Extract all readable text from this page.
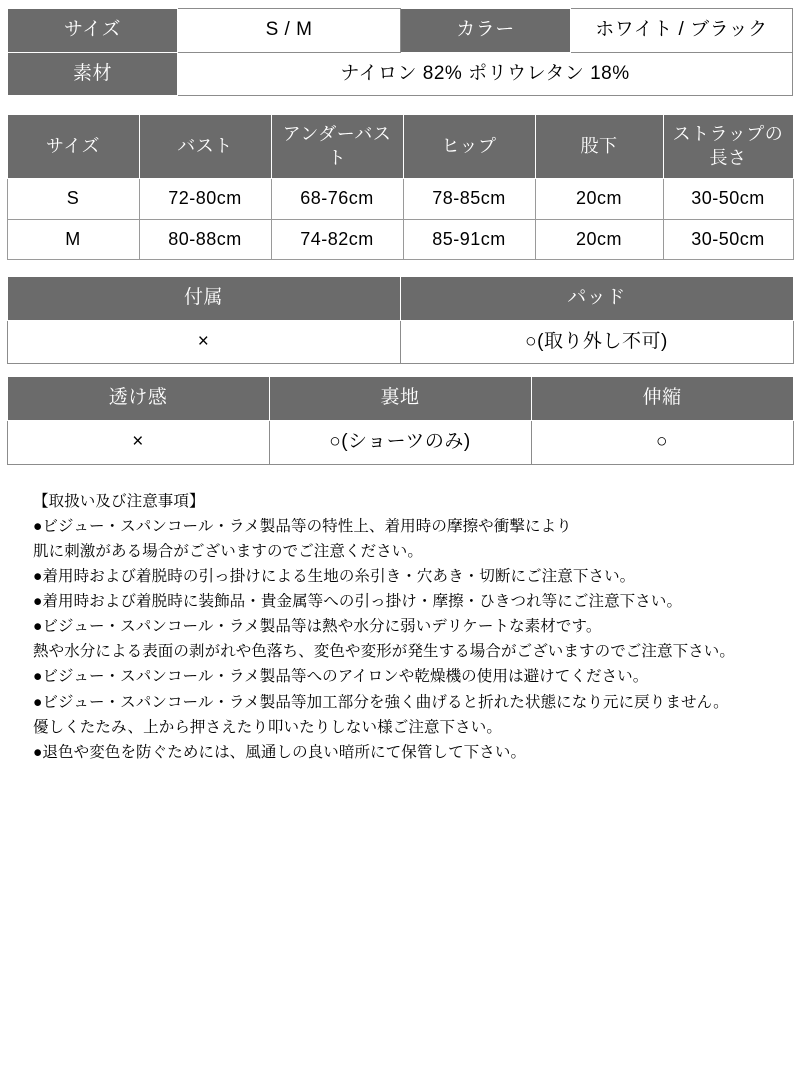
サイズ	S / M	カラー	ホワイト / ブラック
素材	ナイロン 82% ポリウレタン 18%		
サイズ	バスト	アンダーバスト	ヒップ	股下	ストラップの長さ
S	72-80cm	68-76cm	78-85cm	20cm	30-50cm
M	80-88cm	74-82cm	85-91cm	20cm	30-50cm
付属	パッド
×	○(取り外し不可)
透け感	裏地	伸縮
×	○(ショーツのみ)	○
【取扱い及び注意事項】
●ビジュー・スパンコール・ラメ製品等の特性上、着用時の摩擦や衝撃により
肌に刺激がある場合がございますのでご注意ください。
●着用時および着脱時の引っ掛けによる生地の糸引き・穴あき・切断にご注意下さい。
●着用時および着脱時に装飾品・貴金属等への引っ掛け・摩擦・ひきつれ等にご注意下さい。
●ビジュー・スパンコール・ラメ製品等は熱や水分に弱いデリケートな素材です。
熱や水分による表面の剥がれや色落ち、変色や変形が発生する場合がございますのでご注意下さい。
●ビジュー・スパンコール・ラメ製品等へのアイロンや乾燥機の使用は避けてください。
●ビジュー・スパンコール・ラメ製品等加工部分を強く曲げると折れた状態になり元に戻りません。
優しくたたみ、上から押さえたり叩いたりしない様ご注意下さい。
●退色や変色を防ぐためには、風通しの良い暗所にて保管して下さい。
